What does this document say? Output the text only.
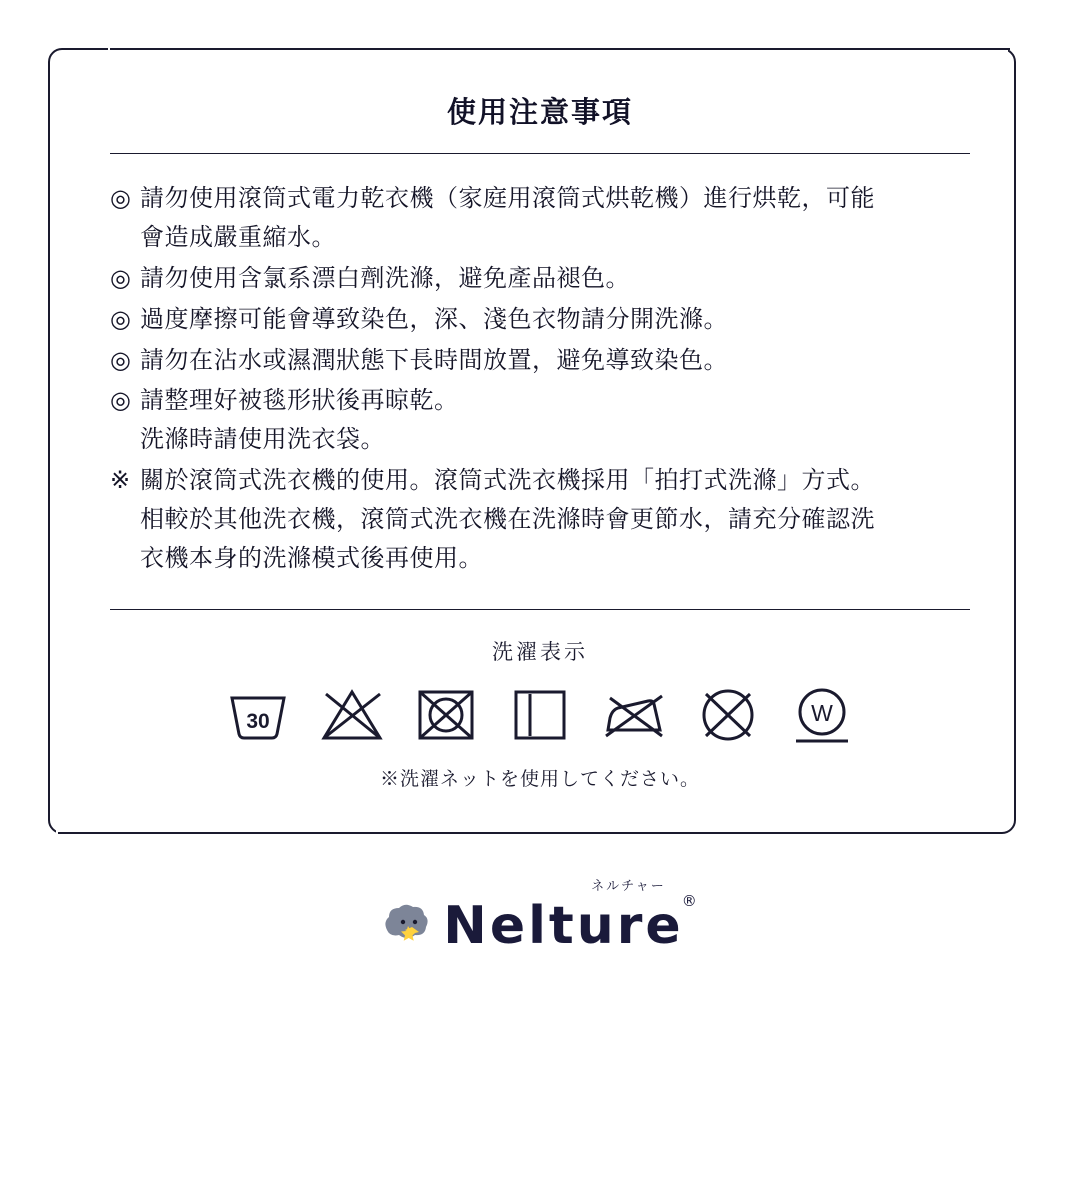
使用注意事項
◎ 請勿使用滾筒式電力乾衣機（家庭用滾筒式烘乾機）進行烘乾，可能
會造成嚴重縮水。
◎ 請勿使用含氯系漂白劑洗滌，避免產品褪色。
◎ 過度摩擦可能會導致染色，深、淺色衣物請分開洗滌。
◎ 請勿在沾水或濕潤狀態下長時間放置，避免導致染色。
◎ 請整理好被毯形狀後再晾乾。
洗滌時請使用洗衣袋。
※ 關於滾筒式洗衣機的使用。滾筒式洗衣機採用「拍打式洗滌」方式。
相較於其他洗衣機，滾筒式洗衣機在洗滌時會更節水，請充分確認洗
衣機本身的洗滌模式後再使用。
洗濯表示
30	W
※洗濯ネットを使用してください。
ネルチャー
Nelture
®
